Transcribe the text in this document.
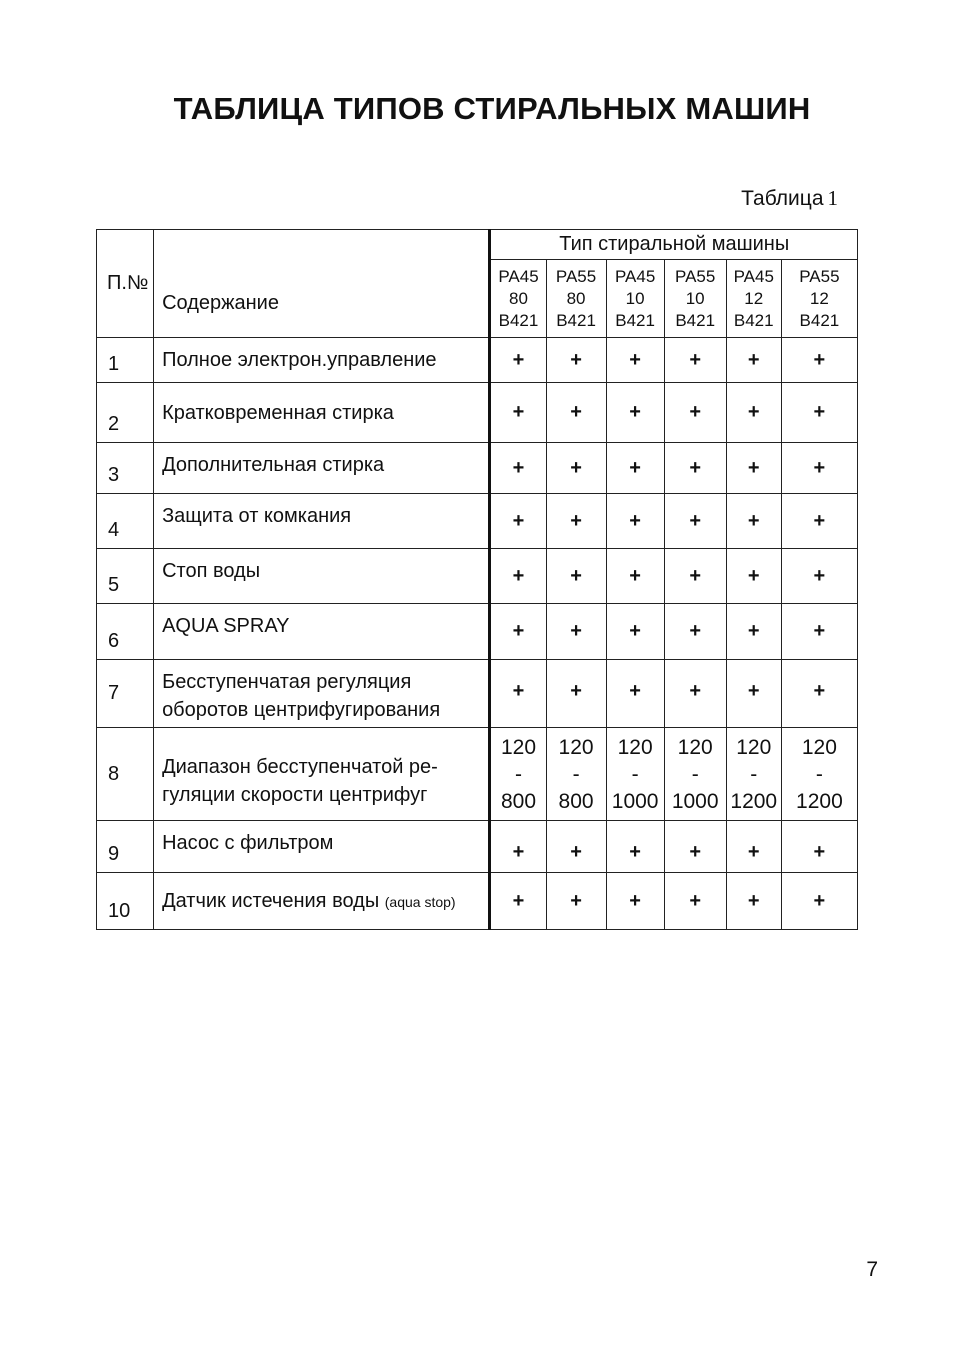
ТАБЛИЦА ТИПОВ СТИРАЛЬНЫХ МАШИН
Таблица 1
П.№	Содержание	Тип стиральной машины					

		PA45
80
B421	PA55
80
B421	PA45
10
B421	PA55
10
B421	PA45
12
B421	PA55
12
B421

1	Полное электрон.управление	+	+	+	+	+	+
2	Кратковременная стирка	+	+	+	+	+	+
3	Дополнительная стирка	+	+	+	+	+	+
4	Защита от комкания	+	+	+	+	+	+
5	Стоп воды	+	+	+	+	+	+
6	AQUA SPRAY	+	+	+	+	+	+
7	Бесступенчатая регуляция
оборотов центрифугирования	+	+	+	+	+	+
8	Диапазон бесступенчатой ре-
гуляции скорости центрифуг	120
-
800	120
-
800	120
-
1000	120
-
1000	120
-
1200	120
-
1200

9	Насос с фильтром	+	+	+	+	+	+
10	Датчик истечения воды (aqua stop)	+	+	+	+	+	+
7
